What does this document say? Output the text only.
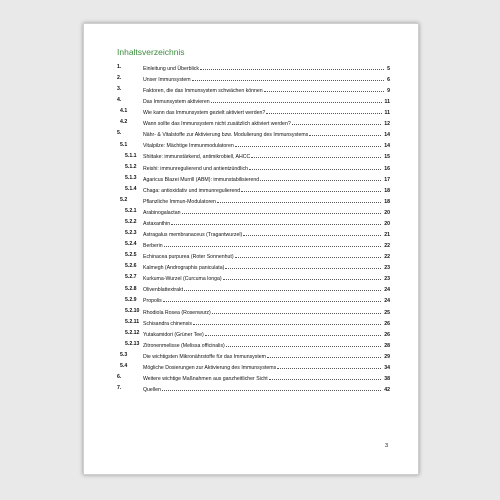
Inhaltsverzeichnis
1.	Einleitung und Überblick	5
2.	Unser Immunsystem	6
3.	Faktoren, die das Immunsystem schwächen können	9
4.	Das Immunsystem aktivieren	11
4.1	Wie kann das Immunsystem gezielt aktiviert werden?	11
4.2	Wann sollte das Immunsystem nicht zusätzlich aktiviert werden?	12
5.	Nähr- & Vitalstoffe zur Aktivierung bzw. Modulierung des Immunsystems	14
5.1	Vitalpilze: Mächtige Immunmodulatoren	14
5.1.1 Shiitake: immunstärkend, antimikrobiell, AHCC	15
5.1.2 Reishi: immunregulierend und antientzündlich	16
5.1.3 Agaricus Blazei Murrill (ABM): immunstabilisierend	17
5.1.4 Chaga: antioxidativ und immunregulierend	18
5.2	Pflanzliche Immun-Modulatoren	18
5.2.1 Arabinogalactan	20
5.2.2 Astaxanthin	20
5.2.3 Astragalus membranaceus (Tragantwurzel)	21
5.2.4 Berberin	22
5.2.5 Echinacea purpurea (Roter Sonnenhut)	22
5.2.6 Kalmegh (Andrographis paniculata)	23
5.2.7 Kurkuma-Wurzel (Curcuma longa)	23
5.2.8 Olivenblattextrakt	24
5.2.9 Propolis	24
5.2.10 Rhodiola Rosea (Rosenwurz)	25
5.2.11 Schisandra chinensis	26
5.2.12 Yutakamidori (Grüner Tee)	26
5.2.13 Zitronenmelisse (Melissa officinalis)	28
5.3	Die wichtigsten Mikronährstoffe für das Immunsystem	29
5.4	Mögliche Dosierungen zur Aktivierung des Immunsystems	34
6.	Weitere wichtige Maßnahmen aus ganzheitlicher Sicht	38
7.	Quellen	42
3
